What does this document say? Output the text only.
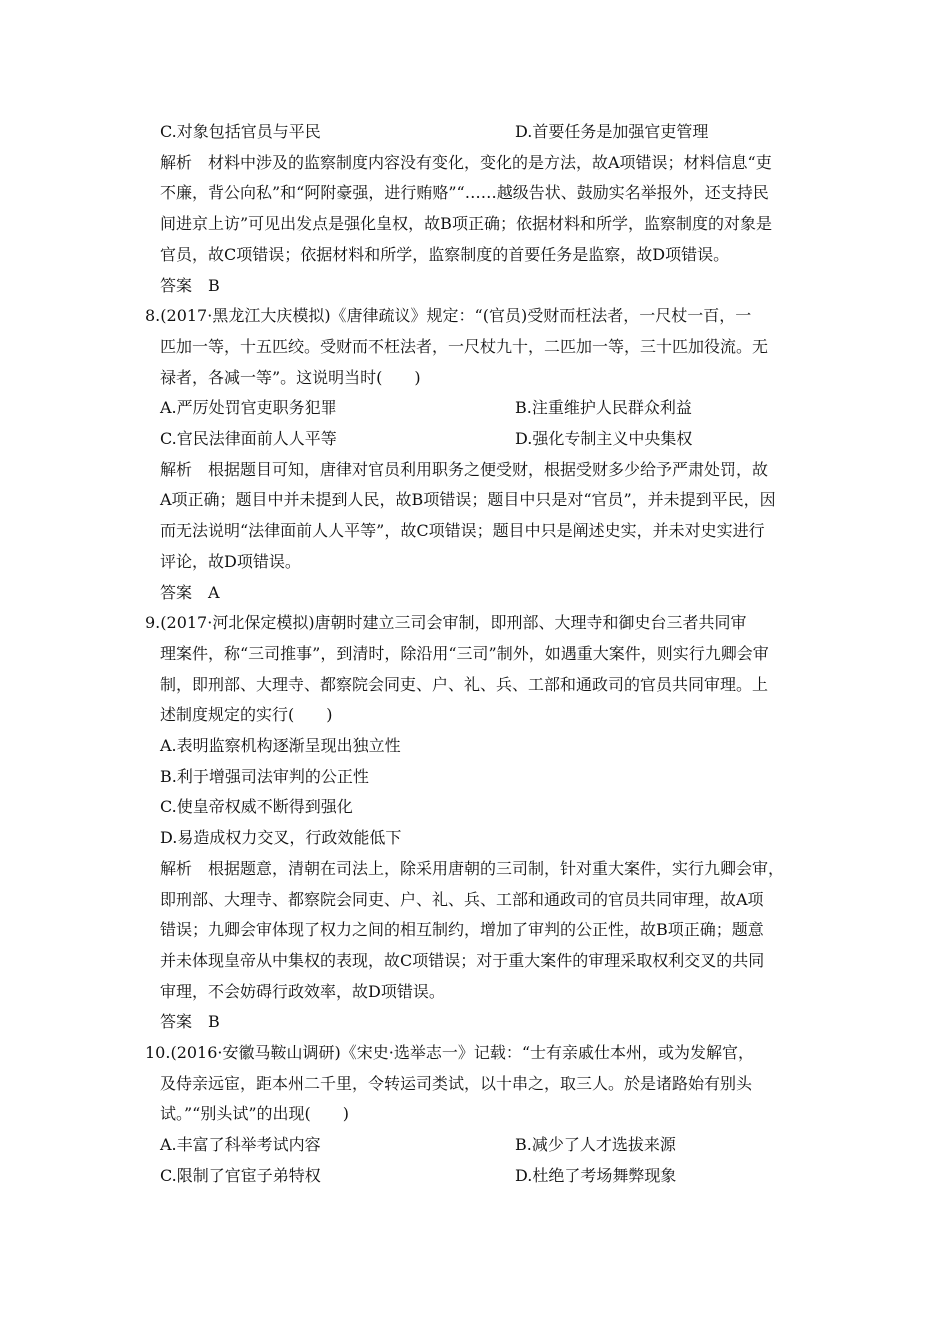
C.对象包括官员与平民	D.首要任务是加强官吏管理
解析　材料中涉及的监察制度内容没有变化，变化的是方法，故A项错误；材料信息“吏
不廉，背公向私”和“阿附豪强，进行贿赂”“……越级告状、鼓励实名举报外，还支持民
间进京上访”可见出发点是强化皇权，故B项正确；依据材料和所学，监察制度的对象是
官员，故C项错误；依据材料和所学，监察制度的首要任务是监察，故D项错误。
答案　B
8.(2017·黑龙江大庆模拟)《唐律疏议》规定：“(官员)受财而枉法者，一尺杖一百，一
匹加一等，十五匹绞。受财而不枉法者，一尺杖九十，二匹加一等，三十匹加役流。无
禄者，各减一等”。这说明当时(　　)
A.严厉处罚官吏职务犯罪	B.注重维护人民群众利益
C.官民法律面前人人平等	D.强化专制主义中央集权
解析　根据题目可知，唐律对官员利用职务之便受财，根据受财多少给予严肃处罚，故
A项正确；题目中并未提到人民，故B项错误；题目中只是对“官员”，并未提到平民，因
而无法说明“法律面前人人平等”，故C项错误；题目中只是阐述史实，并未对史实进行
评论，故D项错误。
答案　A
9.(2017·河北保定模拟)唐朝时建立三司会审制，即刑部、大理寺和御史台三者共同审
理案件，称“三司推事”，到清时，除沿用“三司”制外，如遇重大案件，则实行九卿会审
制，即刑部、大理寺、都察院会同吏、户、礼、兵、工部和通政司的官员共同审理。上
述制度规定的实行(　　)
A.表明监察机构逐渐呈现出独立性
B.利于增强司法审判的公正性
C.使皇帝权威不断得到强化
D.易造成权力交叉，行政效能低下
解析　根据题意，清朝在司法上，除采用唐朝的三司制，针对重大案件，实行九卿会审，
即刑部、大理寺、都察院会同吏、户、礼、兵、工部和通政司的官员共同审理，故A项
错误；九卿会审体现了权力之间的相互制约，增加了审判的公正性，故B项正确；题意
并未体现皇帝从中集权的表现，故C项错误；对于重大案件的审理采取权利交叉的共同
审理，不会妨碍行政效率，故D项错误。
答案　B
10.(2016·安徽马鞍山调研)《宋史·选举志一》记载：“士有亲戚仕本州，或为发解官，
及侍亲远宦，距本州二千里，令转运司类试，以十串之，取三人。於是诸路始有别头
试。”“别头试”的出现(　　)
A.丰富了科举考试内容	B.减少了人才选拔来源
C.限制了官宦子弟特权	D.杜绝了考场舞弊现象
